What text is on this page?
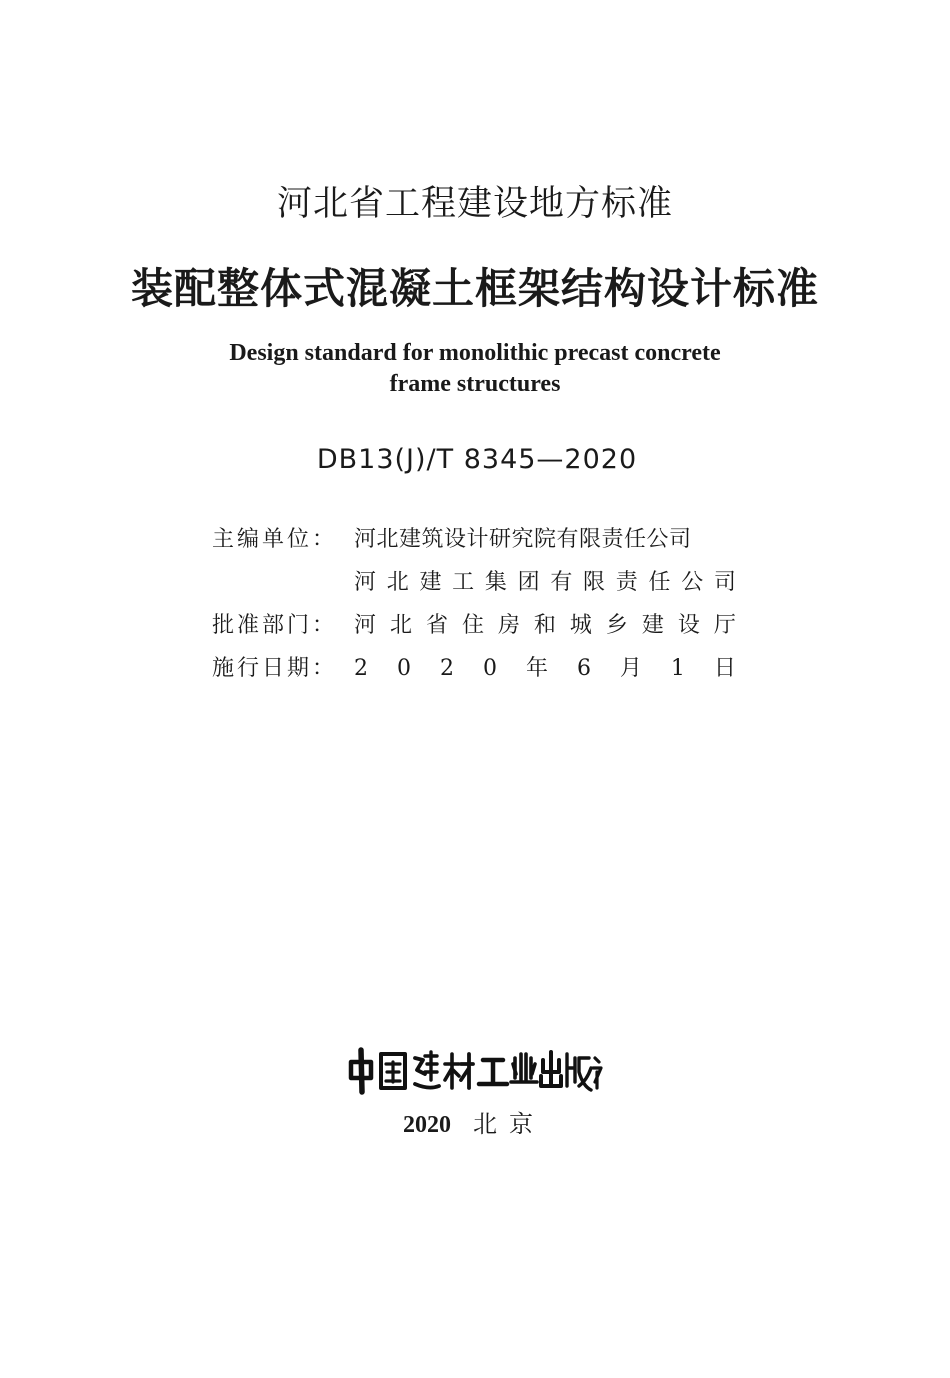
河北省工程建设地方标准
装配整体式混凝土框架结构设计标准
Design standard for monolithic precast concrete
frame structures
DB13(J)/T 8345—2020
主编单位： 河北建筑设计研究院有限责任公司
河 北 建 工 集 团 有 限 责 任 公 司
批准部门： 河 北 省 住 房 和 城 乡 建 设 厅
施行日期： 2 0 2 0 年 6 月 1 日
2020 北京
